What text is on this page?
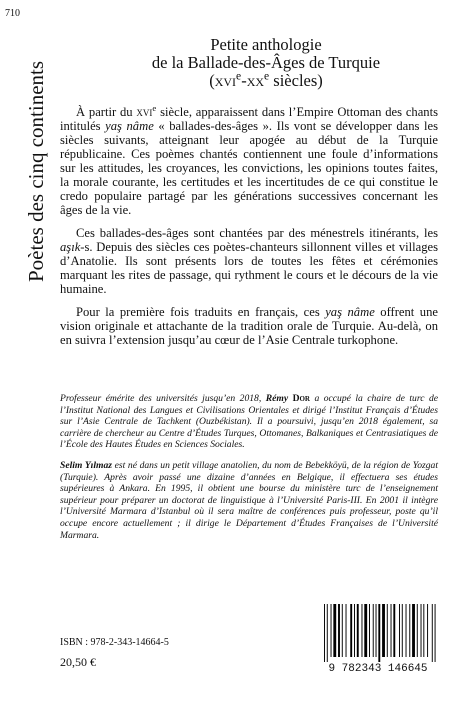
710
Poètes des cinq continents
Petite anthologie
de la Ballade-des-Âges de Turquie
($xvi^e-xx^e$ siècles)

À partir du xvi$^e$ siècle, apparaissent dans l’Empire Ottoman des chants intitulés yaş nâme « ballades-des-âges ». Ils vont se développer dans les siècles suivants, atteignant leur apogée au début de la Turquie républicaine. Ces poèmes chantés contiennent une foule d’informations sur les attitudes, les croyances, les convictions, les opinions toutes faites, la morale courante, les certitudes et les incertitudes de ce qui constitue le credo populaire partagé par les générations successives concernant les âges de la vie.

Ces ballades-des-âges sont chantées par des ménestrels itinérants, les aşık-s. Depuis des siècles ces poètes-chanteurs sillonnent villes et villages d’Anatolie. Ils sont présents lors de toutes les fêtes et cérémonies marquant les rites de passage, qui rythment le cours et le décours de la vie humaine.

Pour la première fois traduits en français, ces yaş nâme offrent une vision originale et attachante de la tradition orale de Turquie. Au-delà, on en suivra l’extension jusqu’au cœur de l’Asie Centrale turkophone.

Professeur émérite des universités jusqu’en 2018, Rémy Dor a occupé la chaire de turc de l’Institut National des Langues et Civilisations Orientales et dirigé l’Institut Français d’Études sur l’Asie Centrale de Tachkent (Ouzbékistan). Il a poursuivi, jusqu’en 2018 également, sa carrière de chercheur au Centre d’Études Turques, Ottomanes, Balkaniques et Centrasiatiques de l’École des Hautes Études en Sciences Sociales.

Selim Yılmaz est né dans un petit village anatolien, du nom de Bebekköyü, de la région de Yozgat (Turquie). Après avoir passé une dizaine d’années en Belgique, il effectuera ses études supérieures à Ankara. En 1995, il obtient une bourse du ministère turc de l’enseignement supérieur pour préparer un doctorat de linguistique à l’Université Paris-III. En 2001 il intègre l’Université Marmara d’Istanbul où il sera maître de conférences puis professeur, poste qu’il occupe encore actuellement ; il dirige le Département d’Études Françaises de l’Université Marmara.

ISBN : 978-2-343-14664-5
20,50 €	9 782343 146645
